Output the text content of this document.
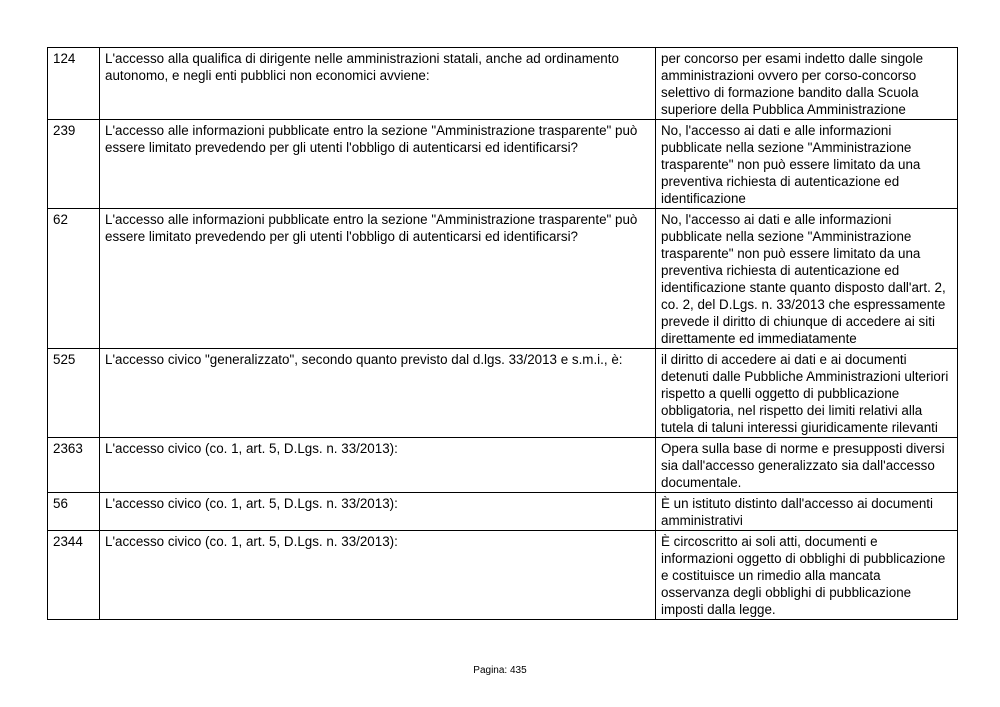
124	L'accesso alla qualifica di dirigente nelle amministrazioni statali, anche ad ordinamento autonomo, e negli enti pubblici non economici avviene:	per concorso per esami indetto dalle singole amministrazioni ovvero per corso-concorso selettivo di formazione bandito dalla Scuola superiore della Pubblica Amministrazione
239	L'accesso alle informazioni pubblicate entro la sezione "Amministrazione trasparente" può essere limitato prevedendo per gli utenti l'obbligo di autenticarsi ed identificarsi?	No, l'accesso ai dati e alle informazioni pubblicate nella sezione "Amministrazione trasparente" non può essere limitato da una preventiva richiesta di autenticazione ed identificazione
62	L'accesso alle informazioni pubblicate entro la sezione "Amministrazione trasparente" può essere limitato prevedendo per gli utenti l'obbligo di autenticarsi ed identificarsi?	No, l'accesso ai dati e alle informazioni pubblicate nella sezione "Amministrazione trasparente" non può essere limitato da una preventiva richiesta di autenticazione ed identificazione stante quanto disposto dall'art. 2, co. 2, del D.Lgs. n. 33/2013 che espressamente prevede il diritto di chiunque di accedere ai siti direttamente ed immediatamente
525	L'accesso civico "generalizzato", secondo quanto previsto dal d.lgs. 33/2013 e s.m.i., è:	il diritto di accedere ai dati e ai documenti detenuti dalle Pubbliche Amministrazioni ulteriori rispetto a quelli oggetto di pubblicazione obbligatoria, nel rispetto dei limiti relativi alla tutela di taluni interessi giuridicamente rilevanti
2363	L'accesso civico (co. 1, art. 5, D.Lgs. n. 33/2013):	Opera sulla base di norme e presupposti diversi sia dall'accesso generalizzato sia dall'accesso documentale.
56	L'accesso civico (co. 1, art. 5, D.Lgs. n. 33/2013):	È un istituto distinto dall'accesso ai documenti amministrativi
2344	L'accesso civico (co. 1, art. 5, D.Lgs. n. 33/2013):	È circoscritto ai soli atti, documenti e informazioni oggetto di obblighi di pubblicazione e costituisce un rimedio alla mancata osservanza degli obblighi di pubblicazione imposti dalla legge.
Pagina: 435
